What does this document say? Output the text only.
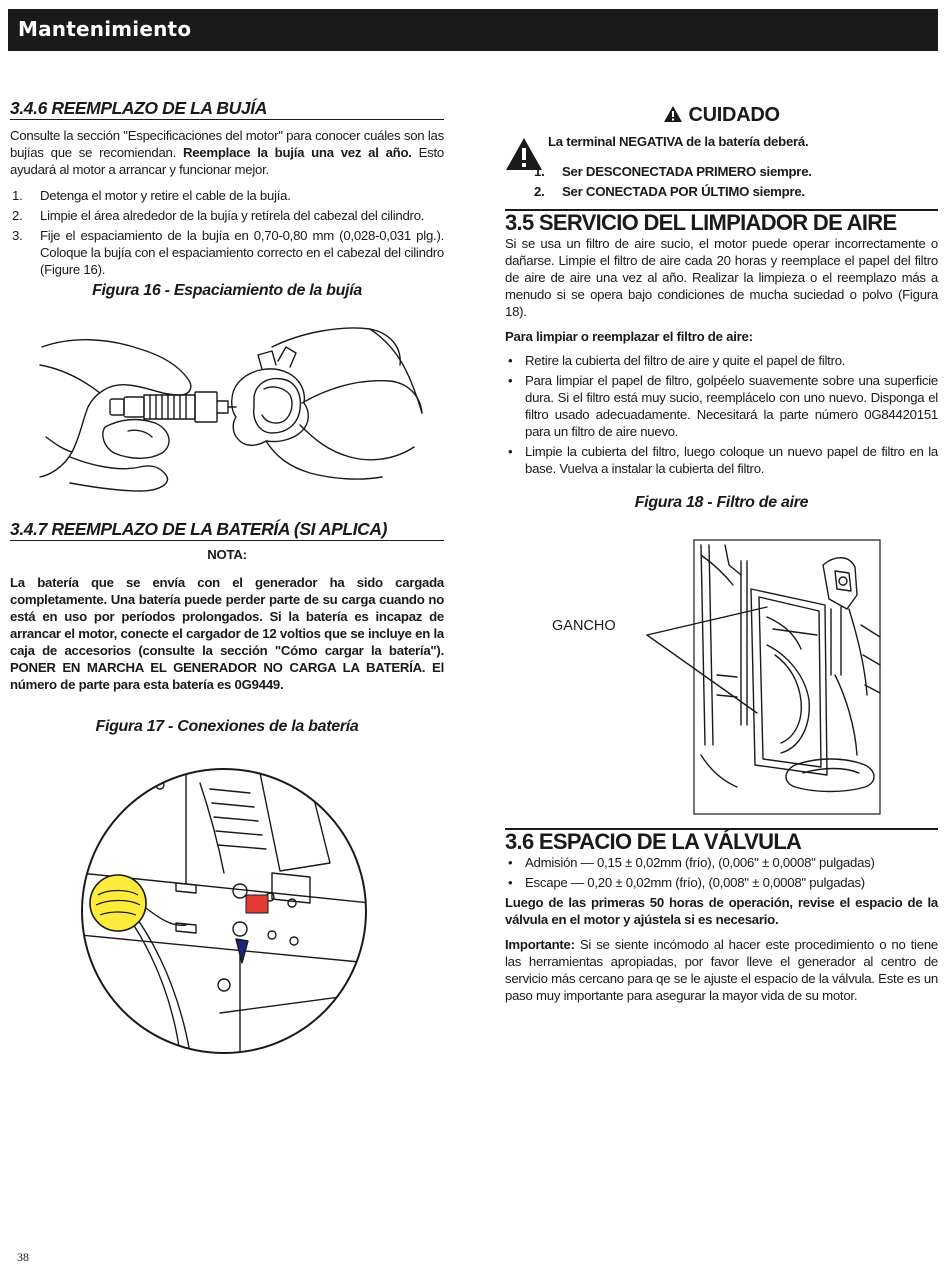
Mantenimiento
3.4.6 REEMPLAZO DE LA BUJÍA

Consulte la sección "Especificaciones del motor" para conocer cuáles son las bujías que se recomiendan. Reemplace la bujía una vez al año. Esto ayudará al motor a arrancar y funcionar mejor.

1. Detenga el motor y retire el cable de la bujía.
2. Limpie el área alrededor de la bujía y retírela del cabezal del cilindro.
3. Fije el espaciamiento de la bujía en 0,70-0,80 mm (0,028-0,031 plg.). Coloque la bujía con el espaciamiento correcto en el cabezal del cilindro (Figure 16).
Figura 16 - Espaciamiento de la bujía
3.4.7 REEMPLAZO DE LA BATERÍA (SI APLICA)
NOTA:

La batería que se envía con el generador ha sido cargada completamente. Una batería puede perder parte de su carga cuando no está en uso por períodos prolongados. Si la batería es incapaz de arrancar el motor, conecte el cargador de 12 voltios que se incluye en la caja de accesorios (consulte la sección "Cómo cargar la batería"). PONER EN MARCHA EL GENERADOR NO CARGA LA BATERÍA. El número de parte para esta batería es 0G9449.

Figura 17 - Conexiones de la batería
CUIDADO
La terminal NEGATIVA de la batería deberá.
1. Ser DESCONECTADA PRIMERO siempre.
2. Ser CONECTADA POR ÚLTIMO siempre.
3.5 SERVICIO DEL LIMPIADOR DE AIRE

Si se usa un filtro de aire sucio, el motor puede operar incorrectamente o dañarse. Limpie el filtro de aire cada 20 horas y reemplace el papel del filtro de aire de aire una vez al año. Realizar la limpieza o el reemplazo más a menudo si se opera bajo condiciones de mucha suciedad o polvo (Figura 18).

Para limpiar o reemplazar el filtro de aire:

• Retire la cubierta del filtro de aire y quite el papel de filtro.
• Para limpiar el papel de filtro, golpéelo suavemente sobre una superficie dura. Si el filtro está muy sucio, reemplácelo con uno nuevo. Disponga el filtro usado adecuadamente. Necesitará la parte número 0G84420151 para un filtro de aire nuevo.
• Limpie la cubierta del filtro, luego coloque un nuevo papel de filtro en la base. Vuelva a instalar la cubierta del filtro.
Figura 18 - Filtro de aire
GANCHO
3.6 ESPACIO DE LA VÁLVULA
• Admisión — 0,15 ± 0,02mm (frío), (0,006" ± 0,0008" pulgadas)
• Escape — 0,20 ± 0,02mm (frío), (0,008" ± 0,0008" pulgadas)

Luego de las primeras 50 horas de operación, revise el espacio de la válvula en el motor y ajústela si es necesario.

Importante: Si se siente incómodo al hacer este procedimiento o no tiene las herramientas apropiadas, por favor lleve el generador al centro de servicio más cercano para qe se le ajuste el espacio de la válvula. Este es un paso muy importante para asegurar la mayor vida de su motor.

38
